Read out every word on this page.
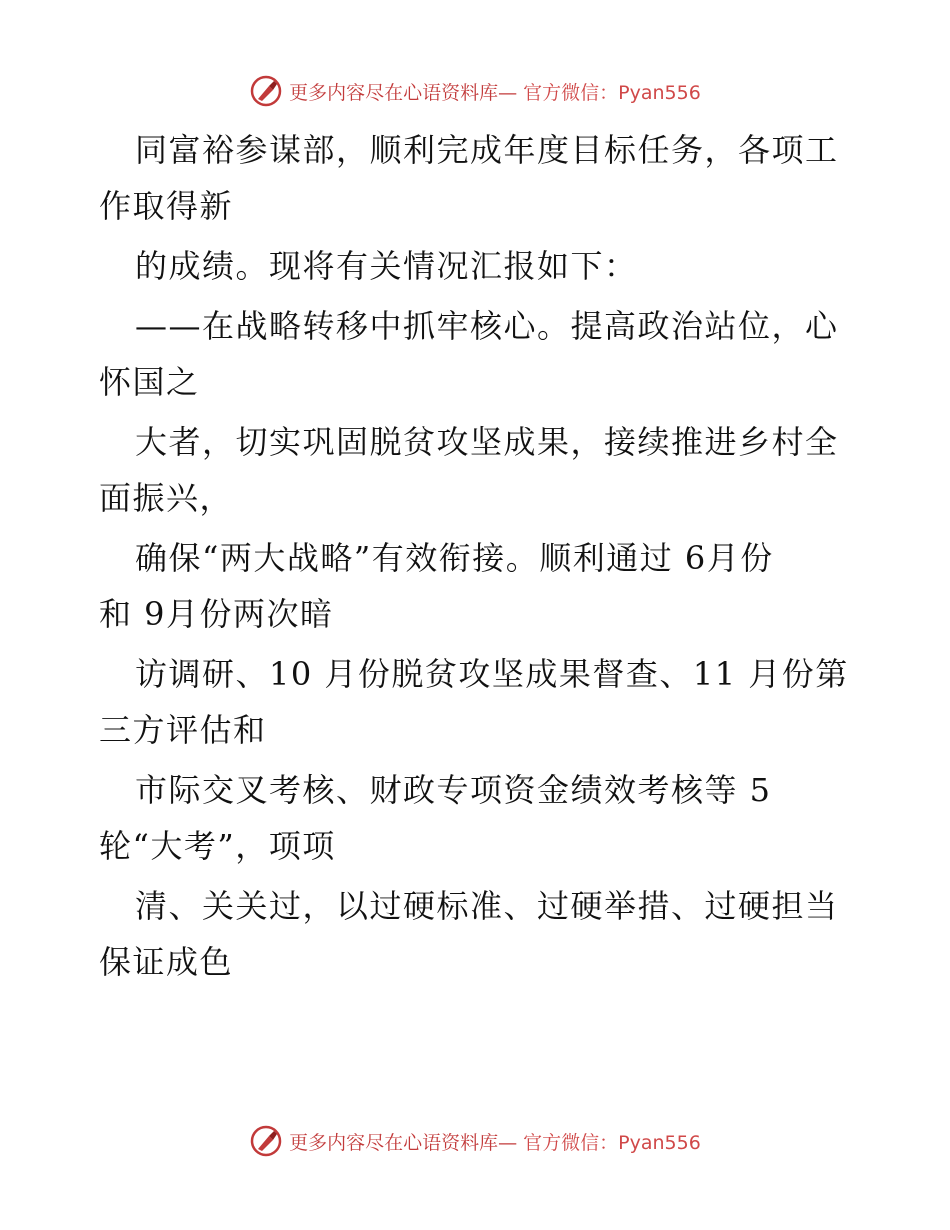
更多内容尽在心语资料库— 官方微信：Pyan556
同富裕参谋部，顺利完成年度目标任务，各项工
作取得新
的成绩。现将有关情况汇报如下：
——在战略转移中抓牢核心。提高政治站位，心
怀国之
大者，切实巩固脱贫攻坚成果，接续推进乡村全
面振兴，
确保“两大战略”有效衔接。顺利通过 6月份
和 9月份两次暗
访调研、10 月份脱贫攻坚成果督查、11 月份第
三方评估和
市际交叉考核、财政专项资金绩效考核等 5
轮“大考”，项项
清、关关过，以过硬标准、过硬举措、过硬担当
保证成色
更多内容尽在心语资料库— 官方微信：Pyan556
